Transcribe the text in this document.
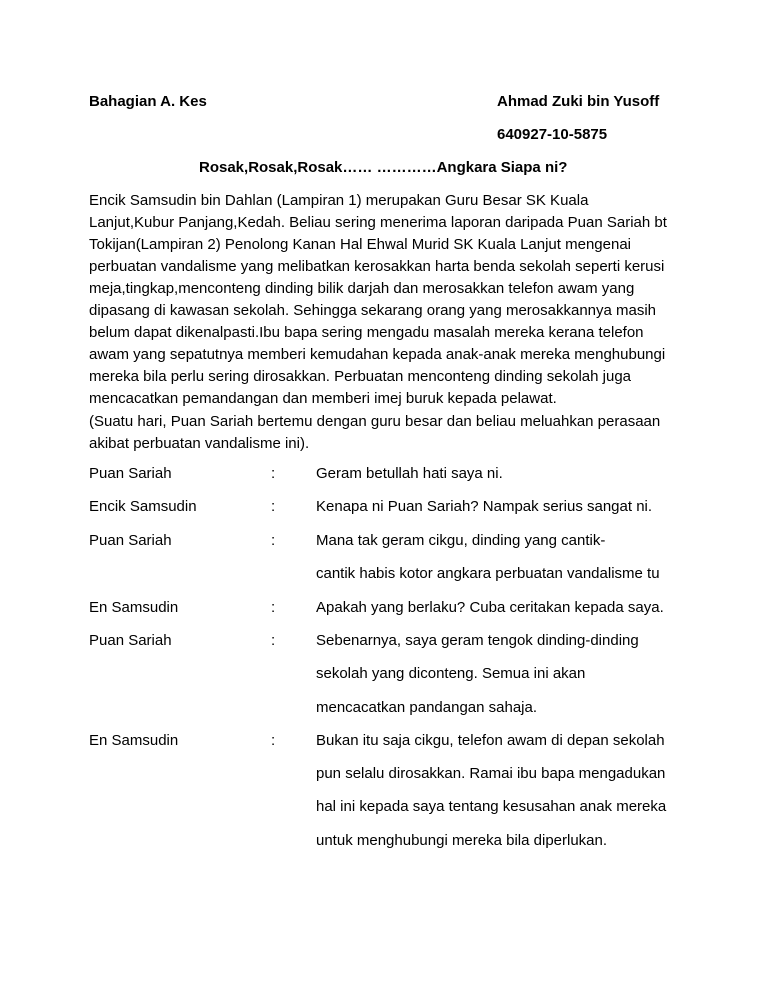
Bahagian A. Kes	Ahmad Zuki bin Yusoff
640927-10-5875
Rosak,Rosak,Rosak…… …………Angkara Siapa ni?
Encik Samsudin bin Dahlan (Lampiran 1) merupakan Guru Besar SK Kuala
Lanjut,Kubur Panjang,Kedah. Beliau sering menerima laporan daripada Puan Sariah bt
Tokijan(Lampiran 2) Penolong Kanan Hal Ehwal Murid SK Kuala Lanjut mengenai
perbuatan vandalisme yang melibatkan kerosakkan harta benda sekolah seperti kerusi
meja,tingkap,menconteng dinding bilik darjah dan merosakkan telefon awam yang
dipasang di kawasan sekolah. Sehingga sekarang orang yang merosakkannya masih
belum dapat dikenalpasti.Ibu bapa sering mengadu masalah mereka kerana telefon
awam yang sepatutnya memberi kemudahan kepada anak-anak mereka menghubungi
mereka bila perlu sering dirosakkan. Perbuatan menconteng dinding sekolah juga
mencacatkan pemandangan dan memberi imej buruk kepada pelawat.
(Suatu hari, Puan Sariah bertemu dengan guru besar dan beliau meluahkan perasaan
akibat perbuatan vandalisme ini).
Puan Sariah	:	Geram betullah hati saya ni.
Encik Samsudin	:	Kenapa ni Puan Sariah? Nampak serius sangat ni.
Puan Sariah	:	Mana tak geram cikgu, dinding yang cantik-
cantik habis kotor angkara perbuatan vandalisme tu
En Samsudin	:	Apakah yang berlaku? Cuba ceritakan kepada saya.
Puan Sariah	:	Sebenarnya, saya geram tengok dinding-dinding
sekolah yang diconteng. Semua ini akan
mencacatkan pandangan sahaja.
En Samsudin	:	Bukan itu saja cikgu, telefon awam di depan sekolah
pun selalu dirosakkan. Ramai ibu bapa mengadukan
hal ini kepada saya tentang kesusahan anak mereka
untuk menghubungi mereka bila diperlukan.
